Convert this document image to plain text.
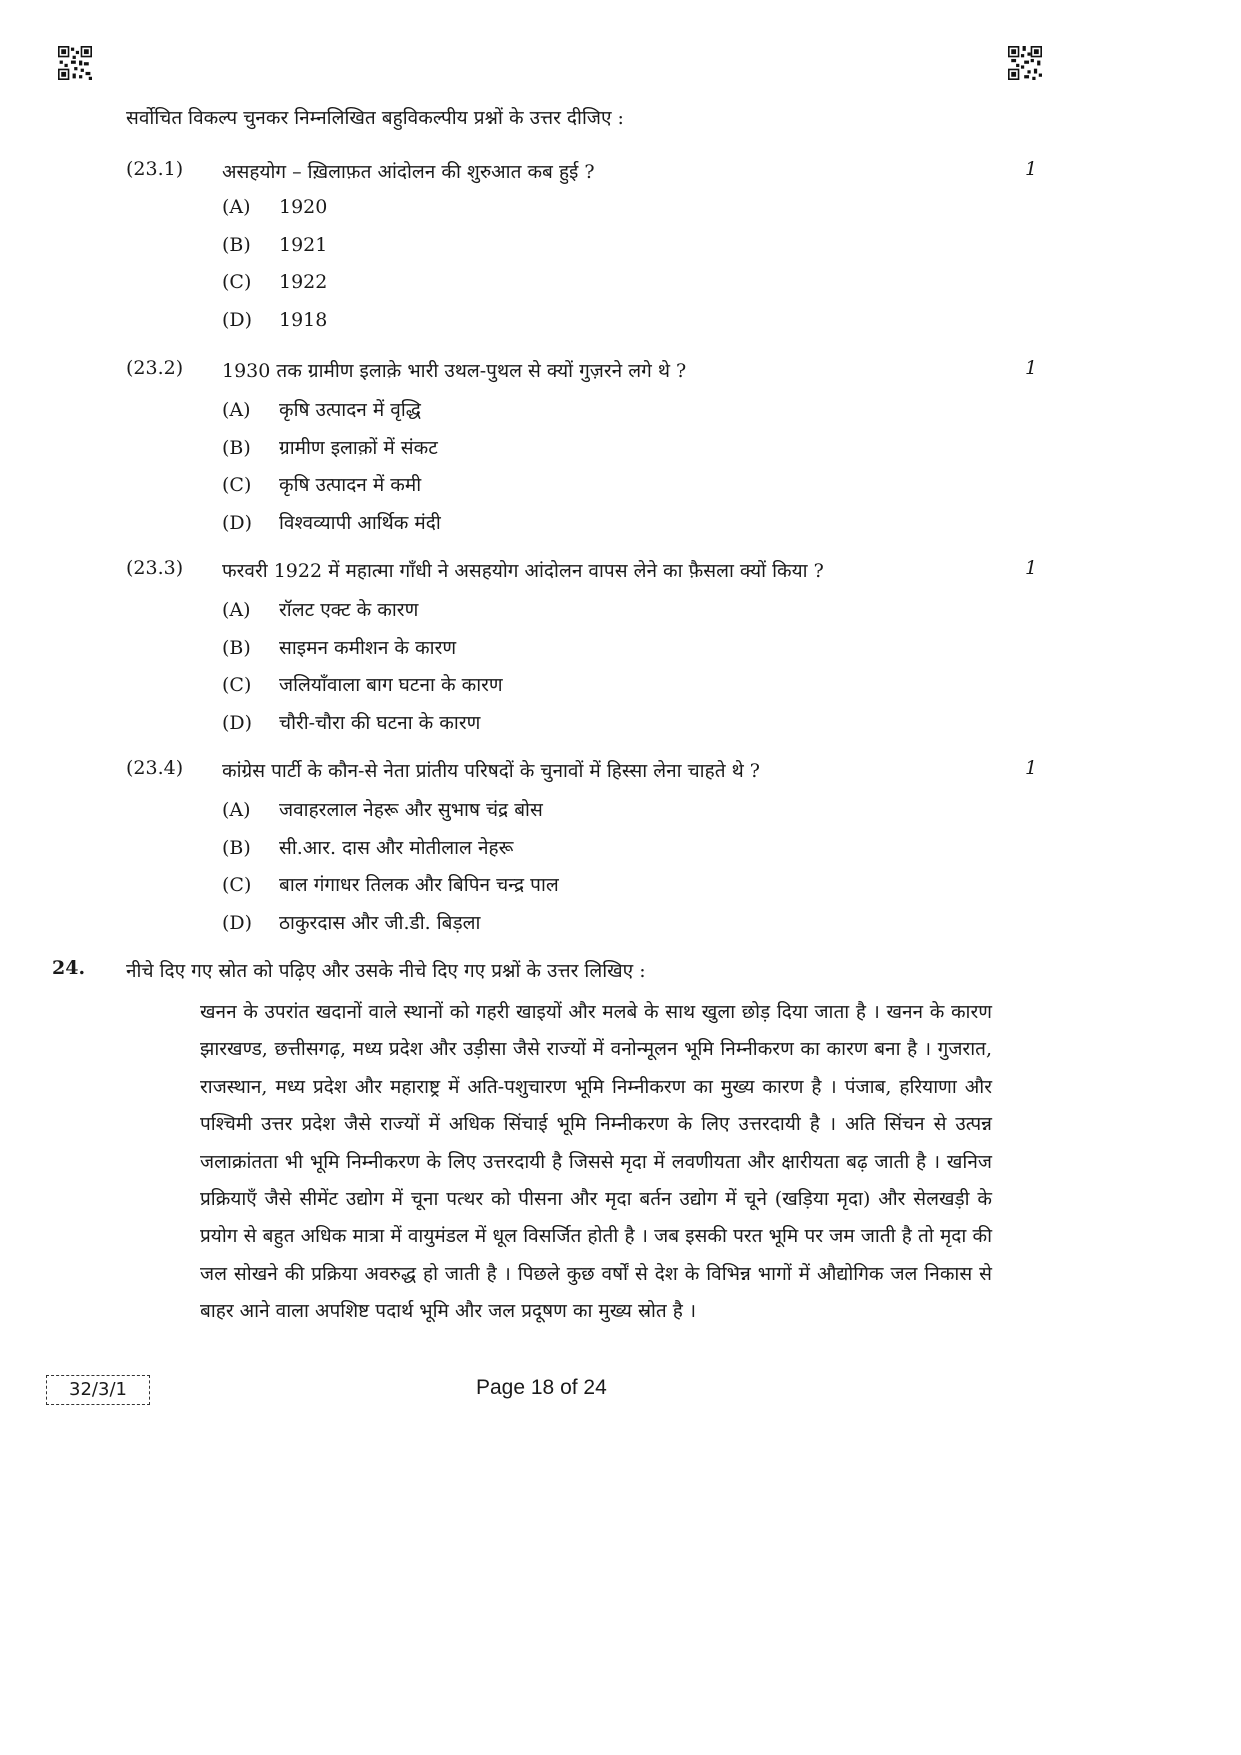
सर्वोचित विकल्प चुनकर निम्नलिखित बहुविकल्पीय प्रश्नों के उत्तर दीजिए :
(23.1) असहयोग – ख़िलाफ़त आंदोलन की शुरुआत कब हुई ?	1
(A) 1920
(B) 1921
(C) 1922
(D) 1918
(23.2) 1930 तक ग्रामीण इलाक़े भारी उथल-पुथल से क्यों गुज़रने लगे थे ?	1
(A) कृषि उत्पादन में वृद्धि
(B) ग्रामीण इलाक़ों में संकट
(C) कृषि उत्पादन में कमी
(D) विश्वव्यापी आर्थिक मंदी
(23.3) फरवरी 1922 में महात्मा गाँधी ने असहयोग आंदोलन वापस लेने का फ़ैसला क्यों किया ?	1
(A) रॉलट एक्ट के कारण
(B) साइमन कमीशन के कारण
(C) जलियाँवाला बाग घटना के कारण
(D) चौरी-चौरा की घटना के कारण
(23.4) कांग्रेस पार्टी के कौन-से नेता प्रांतीय परिषदों के चुनावों में हिस्सा लेना चाहते थे ?	1
(A) जवाहरलाल नेहरू और सुभाष चंद्र बोस
(B) सी.आर. दास और मोतीलाल नेहरू
(C) बाल गंगाधर तिलक और बिपिन चन्द्र पाल
(D) ठाकुरदास और जी.डी. बिड़ला
24. नीचे दिए गए स्रोत को पढ़िए और उसके नीचे दिए गए प्रश्नों के उत्तर लिखिए :
खनन के उपरांत खदानों वाले स्थानों को गहरी खाइयों और मलबे के साथ खुला छोड़ दिया जाता है । खनन के कारण झारखण्ड, छत्तीसगढ़, मध्य प्रदेश और उड़ीसा जैसे राज्यों में वनोन्मूलन भूमि निम्नीकरण का कारण बना है । गुजरात, राजस्थान, मध्य प्रदेश और महाराष्ट्र में अति-पशुचारण भूमि निम्नीकरण का मुख्य कारण है । पंजाब, हरियाणा और पश्चिमी उत्तर प्रदेश जैसे राज्यों में अधिक सिंचाई भूमि निम्नीकरण के लिए उत्तरदायी है । अति सिंचन से उत्पन्न जलाक्रांतता भी भूमि निम्नीकरण के लिए उत्तरदायी है जिससे मृदा में लवणीयता और क्षारीयता बढ़ जाती है । खनिज प्रक्रियाएँ जैसे सीमेंट उद्योग में चूना पत्थर को पीसना और मृदा बर्तन उद्योग में चूने (खड़िया मृदा) और सेलखड़ी के प्रयोग से बहुत अधिक मात्रा में वायुमंडल में धूल विसर्जित होती है । जब इसकी परत भूमि पर जम जाती है तो मृदा की जल सोखने की प्रक्रिया अवरुद्ध हो जाती है । पिछले कुछ वर्षों से देश के विभिन्न भागों में औद्योगिक जल निकास से बाहर आने वाला अपशिष्ट पदार्थ भूमि और जल प्रदूषण का मुख्य स्रोत है ।
32/3/1	Page 18 of 24
